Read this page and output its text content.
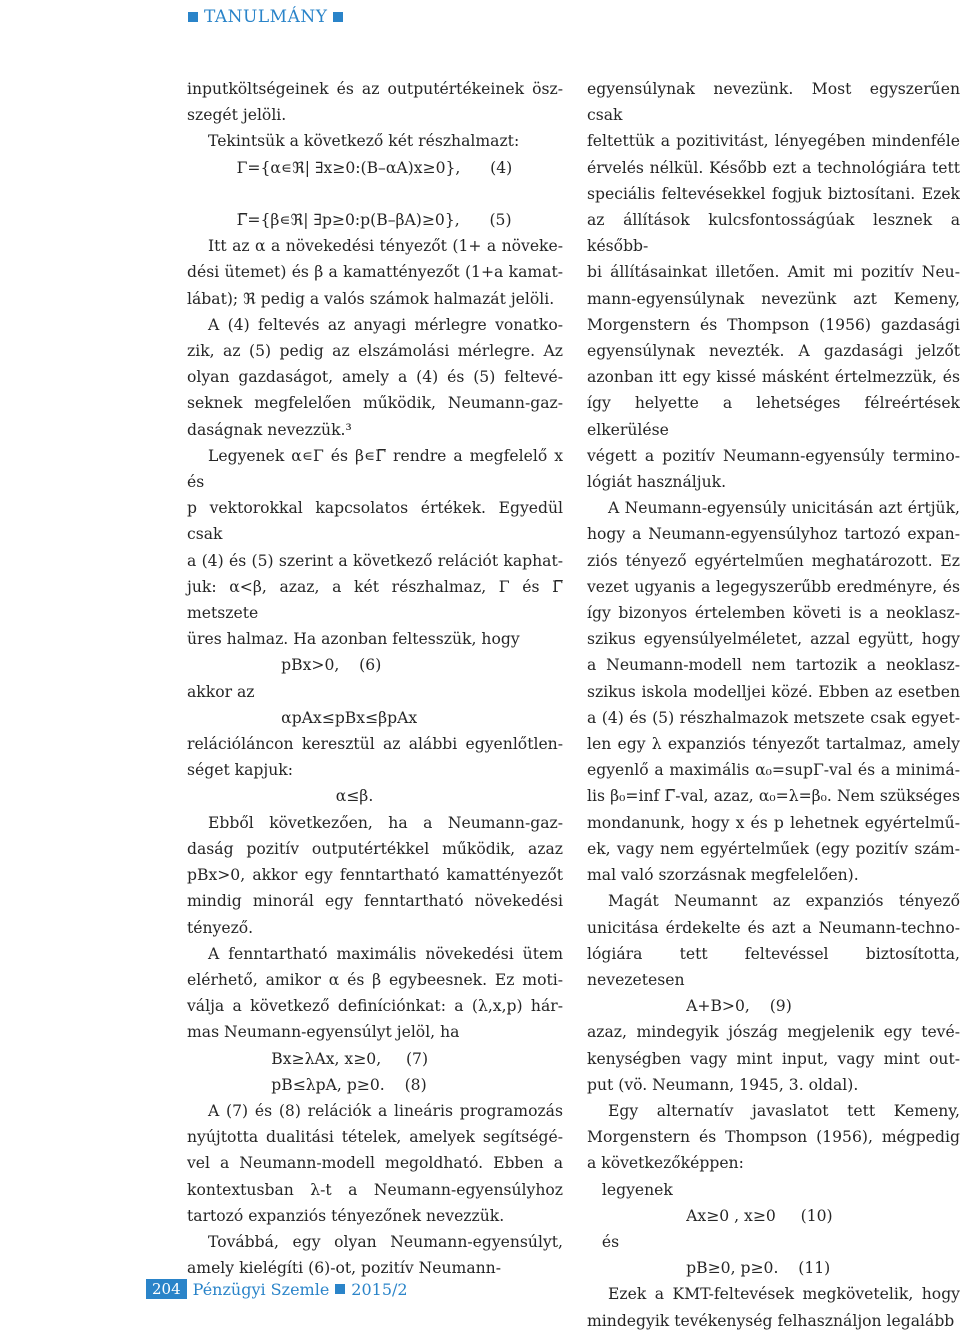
TANULMÁNY

inputköltségeinek és az outputértékeinek ösz-

szegét jelöli.

Tekintsük a következő két részhalmazt:

Γ={α∊ℜ| ∃x≥0:(B–αA)x≥0},      (4)

Γ̅={β∊ℜ| ∃p≥0:p(B–βA)≥0},      (5)

Itt az α a növekedési tényezőt (1+ a növeke-

dési ütemet) és β a kamattényezőt (1+a kamat-

lábat); ℜ pedig a valós számok halmazát jelöli.

A (4) feltevés az anyagi mérlegre vonatko-

zik, az (5) pedig az elszámolási mérlegre. Az

olyan gazdaságot, amely a (4) és (5) feltevé-

seknek megfelelően működik, Neumann-gaz-

daságnak nevezzük.³

Legyenek α∊Γ és β∊Γ̅ rendre a megfelelő x és

p vektorokkal kapcsolatos értékek. Egyedül csak

a (4) és (5) szerint a következő relációt kaphat-

juk: α<β, azaz, a két részhalmaz, Γ és Γ̅ metszete

üres halmaz. Ha azonban feltesszük, hogy

pBx>0,    (6)

akkor az

αpAx≤pBx≤βpAx

relációláncon keresztül az alábbi egyenlőtlen-

séget kapjuk:

α≤β.

Ebből következően, ha a Neumann-gaz-

daság pozitív outputértékkel működik, azaz

pBx>0, akkor egy fenntartható kamattényezőt

mindig minorál egy fenntartható növekedési

tényező.

A fenntartható maximális növekedési ütem

elérhető, amikor α és β egybeesnek. Ez moti-

válja a következő definíciónkat: a (λ,x,p) hár-

mas Neumann-egyensúlyt jelöl, ha

Bx≥λAx, x≥0,     (7)

pB≤λpA, p≥0.    (8)

A (7) és (8) relációk a lineáris programozás

nyújtotta dualitási tételek, amelyek segítségé-

vel a Neumann-modell megoldható. Ebben a

kontextusban λ-t a Neumann-egyensúlyhoz

tartozó expanziós tényezőnek nevezzük.

Továbbá, egy olyan Neumann-egyensúlyt,

amely kielégíti (6)-ot, pozitív Neumann-

egyensúlynak nevezünk. Most egyszerűen csak

feltettük a pozitivitást, lényegében mindenféle

érvelés nélkül. Később ezt a technológiára tett

speciális feltevésekkel fogjuk biztosítani. Ezek

az állítások kulcsfontosságúak lesznek a később-

bi állításainkat illetően. Amit mi pozitív Neu-

mann-egyensúlynak nevezünk azt Kemeny,

Morgenstern és Thompson (1956) gazdasági

egyensúlynak nevezték. A gazdasági jelzőt

azonban itt egy kissé másként értelmezzük, és

így helyette a lehetséges félreértések elkerülése

végett a pozitív Neumann-egyensúly termino-

lógiát használjuk.

A Neumann-egyensúly unicitásán azt értjük,

hogy a Neumann-egyensúlyhoz tartozó expan-

ziós tényező egyértelműen meghatározott. Ez

vezet ugyanis a legegyszerűbb eredményre, és

így bizonyos értelemben követi is a neoklasz-

szikus egyensúlyelméletet, azzal együtt, hogy

a Neumann-modell nem tartozik a neoklasz-

szikus iskola modelljei közé. Ebben az esetben

a (4) és (5) részhalmazok metszete csak egyet-

len egy λ expanziós tényezőt tartalmaz, amely

egyenlő a maximális α₀=supΓ-val és a minimá-

lis β₀=inf Γ̅-val, azaz, α₀=λ=β₀. Nem szükséges

mondanunk, hogy x és p lehetnek egyértelmű-

ek, vagy nem egyértelműek (egy pozitív szám-

mal való szorzásnak megfelelően).

Magát Neumannt az expanziós tényező

unicitása érdekelte és azt a Neumann-techno-

lógiára tett feltevéssel biztosította, nevezetesen

A+B>0,    (9)

azaz, mindegyik jószág megjelenik egy tevé-

kenységben vagy mint input, vagy mint out-

put (vö. Neumann, 1945, 3. oldal).

Egy alternatív javaslatot tett Kemeny,

Morgenstern és Thompson (1956), mégpedig

a következőképpen:

legyenek

Ax≥0 , x≥0     (10)

és

pB≥0, p≥0.    (11)

Ezek a KMT-feltevések megkövetelik, hogy

mindegyik tevékenység felhasználjon legalább

204 Pénzügyi Szemle 2015/2
